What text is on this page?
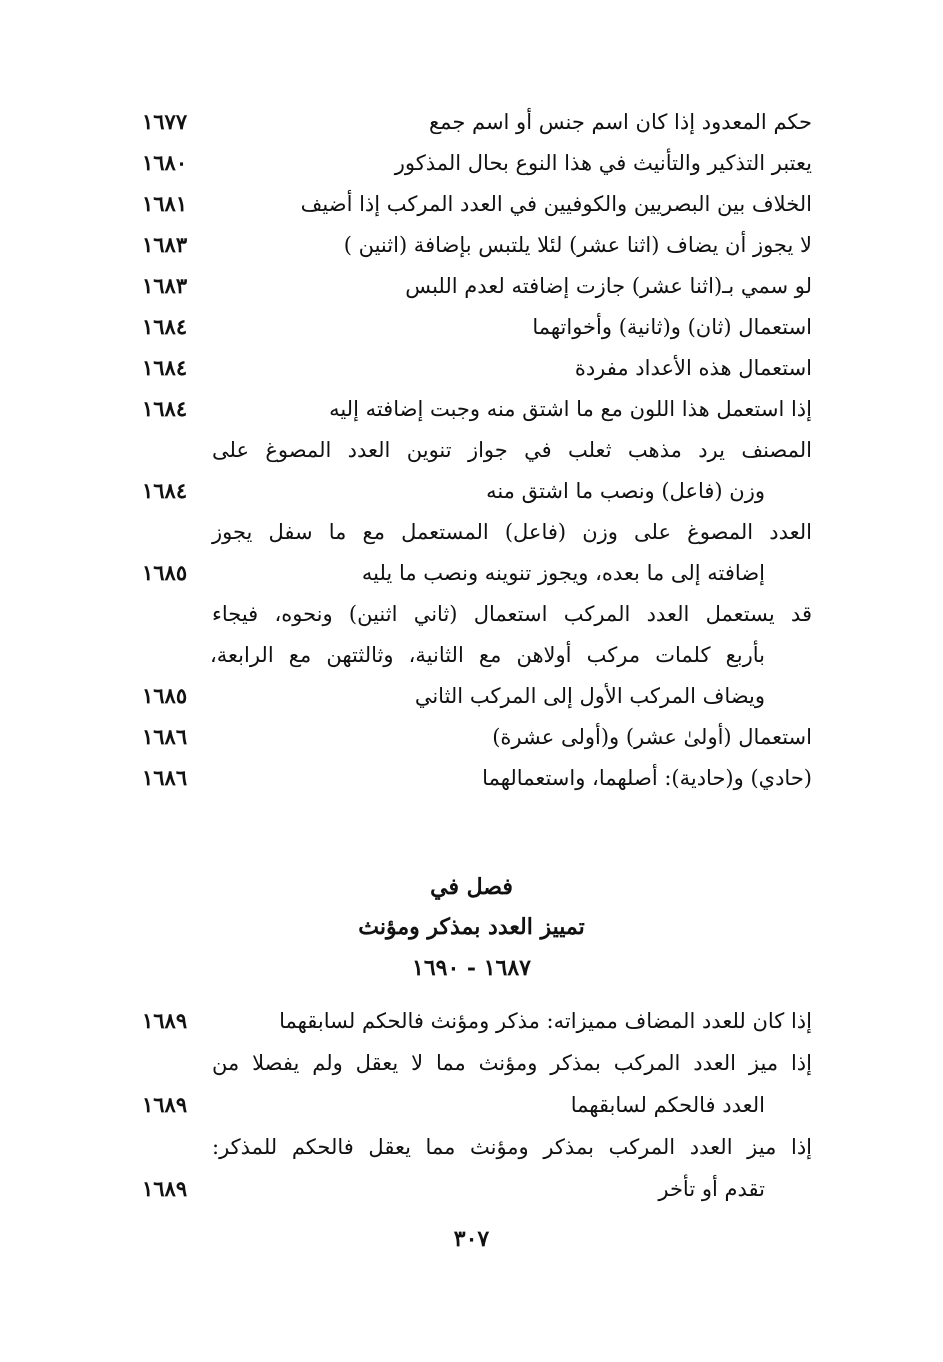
حكم المعدود إذا كان اسم جنس أو اسم جمع
١٦٧٧
يعتبر التذكير والتأنيث في هذا النوع بحال المذكور
١٦٨٠
الخلاف بين البصريين والكوفيين في العدد المركب إذا أضيف
١٦٨١
لا يجوز أن يضاف (اثنا عشر) لئلا يلتبس بإضافة (اثنين )
١٦٨٣
لو سمي بـ(اثنا عشر) جازت إضافته لعدم اللبس
١٦٨٣
استعمال (ثان) و(ثانية) وأخواتهما
١٦٨٤
استعمال هذه الأعداد مفردة
١٦٨٤
إذا استعمل هذا اللون مع ما اشتق منه وجبت إضافته إليه
١٦٨٤
المصنف يرد مذهب ثعلب في جواز تنوين العدد المصوغ على
وزن (فاعل) ونصب ما اشتق منه
١٦٨٤
العدد المصوغ على وزن (فاعل) المستعمل مع ما سفل يجوز
إضافته إلى ما بعده، ويجوز تنوينه ونصب ما يليه
١٦٨٥
قد يستعمل العدد المركب استعمال (ثاني اثنين) ونحوه، فيجاء
بأربع كلمات مركب أولاهن مع الثانية، وثالثتهن مع الرابعة،
ويضاف المركب الأول إلى المركب الثاني
١٦٨٥
استعمال (أولىٰ عشر) و(أولى عشرة)
١٦٨٦
(حادي) و(حادية): أصلهما، واستعمالهما
١٦٨٦
فصل في
تمييز العدد بمذكر ومؤنث
١٦٨٧ - ١٦٩٠
إذا كان للعدد المضاف مميزاته: مذكر ومؤنث فالحكم لسابقهما
١٦٨٩
إذا ميز العدد المركب بمذكر ومؤنث مما لا يعقل ولم يفصلا من
العدد فالحكم لسابقهما
١٦٨٩
إذا ميز العدد المركب بمذكر ومؤنث مما يعقل فالحكم للمذكر:
تقدم أو تأخر
١٦٨٩
٣٠٧
